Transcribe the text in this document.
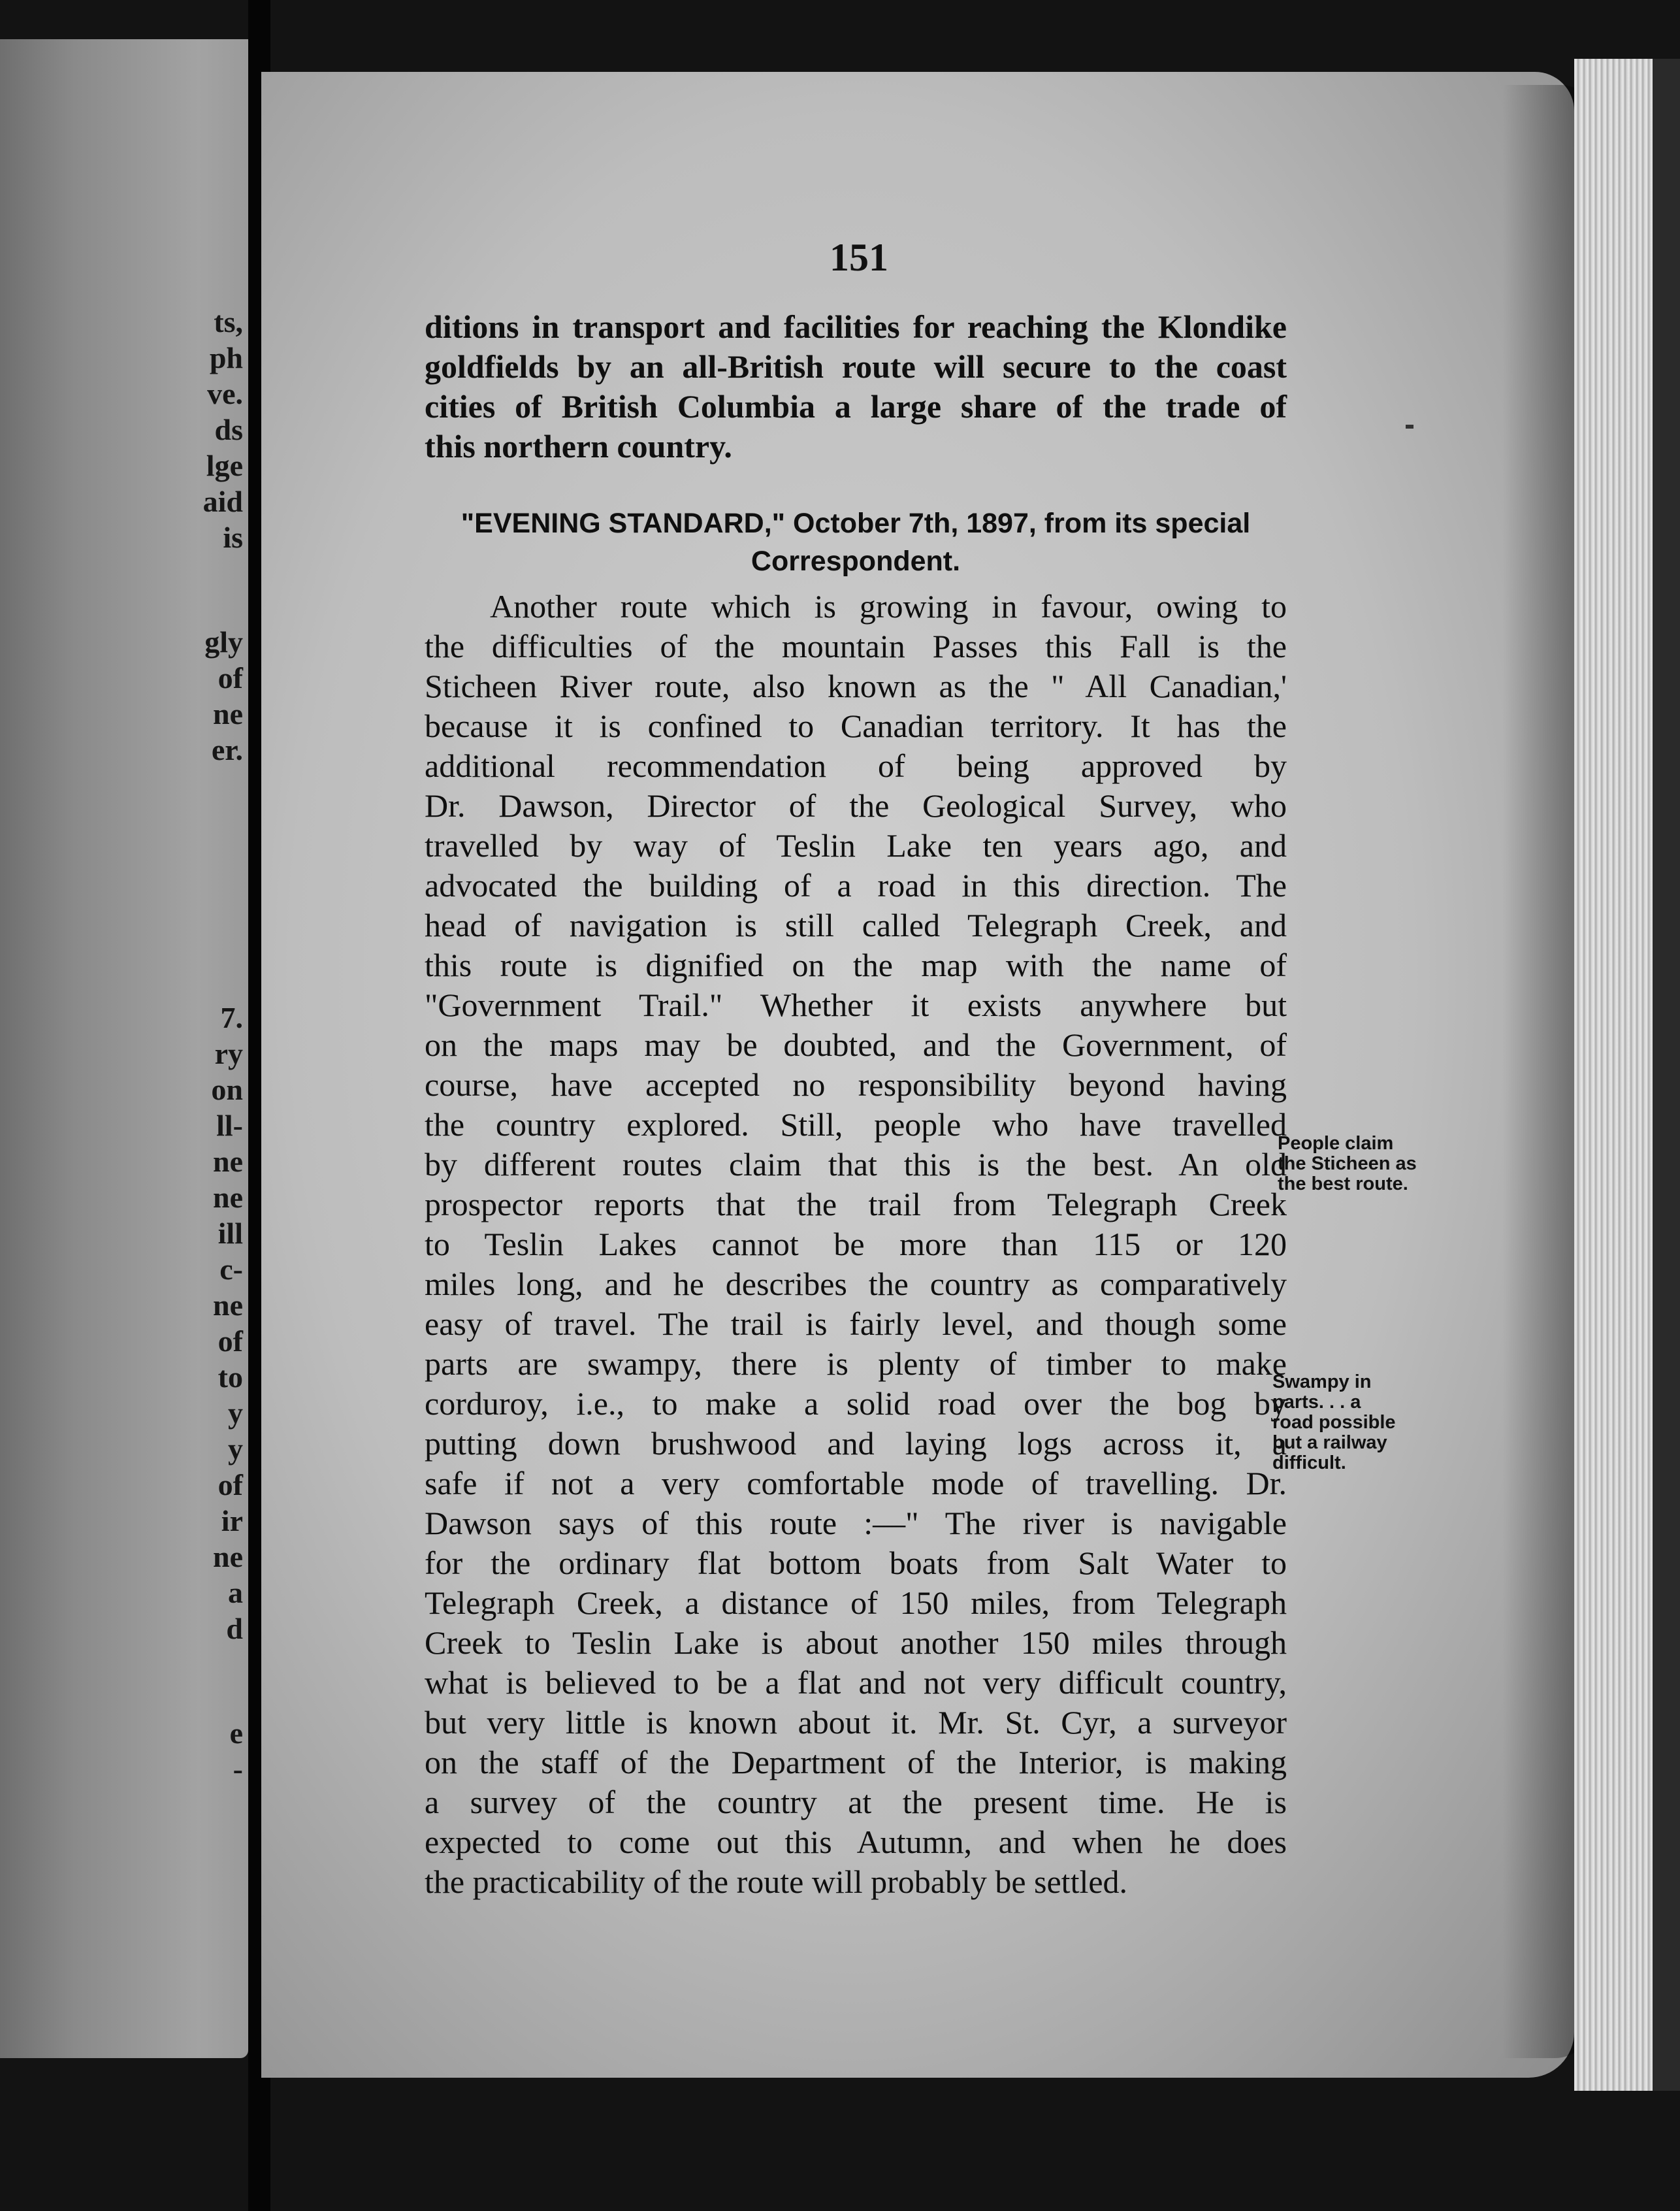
ts,
ph
ve.
ds
lge
aid
is
gly
of
ne
er.
7.
ry
on
ll-
ne
ne
ill
c-
ne
of
to
y
y
of
ir
ne
a
d
e
-
151
ditions in transport and facilities for reaching the Klondike
goldfields by an all-British route will secure to the coast
cities of British Columbia a large share of the trade of
this northern country.
"EVENING STANDARD," October 7th, 1897, from its special
Correspondent.
Another route which is growing in favour, owing to
the difficulties of the mountain Passes this Fall is the
Sticheen River route, also known as the " All Canadian,'
because it is confined to Canadian territory. It has the
additional recommendation of being approved by
Dr. Dawson, Director of the Geological Survey, who
travelled by way of Teslin Lake ten years ago, and
advocated the building of a road in this direction. The
head of navigation is still called Telegraph Creek, and
this route is dignified on the map with the name of
"Government Trail." Whether it exists anywhere but
on the maps may be doubted, and the Government, of
course, have accepted no responsibility beyond having
the country explored. Still, people who have travelled
by different routes claim that this is the best. An old
prospector reports that the trail from Telegraph Creek
to Teslin Lakes cannot be more than 115 or 120
miles long, and he describes the country as comparatively
easy of travel. The trail is fairly level, and though some
parts are swampy, there is plenty of timber to make
corduroy, i.e., to make a solid road over the bog by
putting down brushwood and laying logs across it, a
safe if not a very comfortable mode of travelling. Dr.
Dawson says of this route :—" The river is navigable
for the ordinary flat bottom boats from Salt Water to
Telegraph Creek, a distance of 150 miles, from Telegraph
Creek to Teslin Lake is about another 150 miles through
what is believed to be a flat and not very difficult country,
but very little is known about it. Mr. St. Cyr, a surveyor
on the staff of the Department of the Interior, is making
a survey of the country at the present time. He is
expected to come out this Autumn, and when he does
the practicability of the route will probably be settled.
People claim
the Sticheen as
the best route.
Swampy in
parts. . . a
road possible
but a railway
difficult.
